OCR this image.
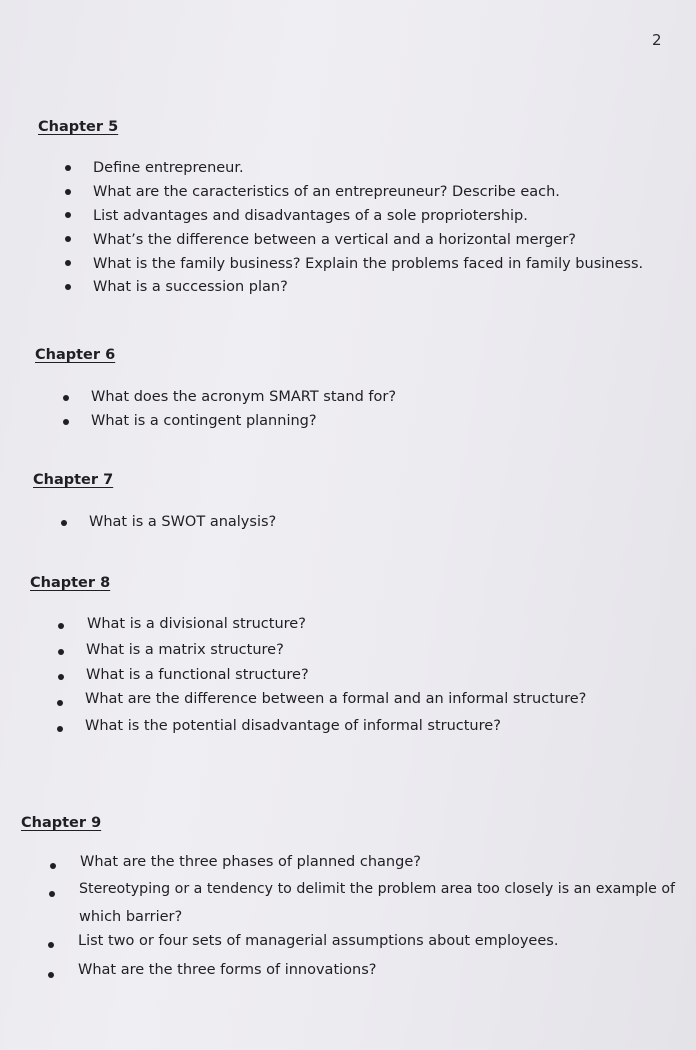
2
Chapter 5
Define entrepreneur.
What are the caracteristics of an entrepreuneur? Describe each.
List advantages and disadvantages of a sole propriotership.
What’s the difference between a vertical and a horizontal merger?
What is the family business? Explain the problems faced in family business.
What is a succession plan?
Chapter 6
What does the acronym SMART stand for?
What is a contingent planning?
Chapter 7
What is a SWOT analysis?
Chapter 8
What is a divisional structure?
What is a matrix structure?
What is a functional structure?
What are the difference between a formal and an informal structure?
What is the potential disadvantage of informal structure?
Chapter 9
What are the three phases of planned change?
Stereotyping or a tendency to delimit the problem area too closely is an example of
which barrier?
List two or four sets of managerial assumptions about employees.
What are the three forms of innovations?
